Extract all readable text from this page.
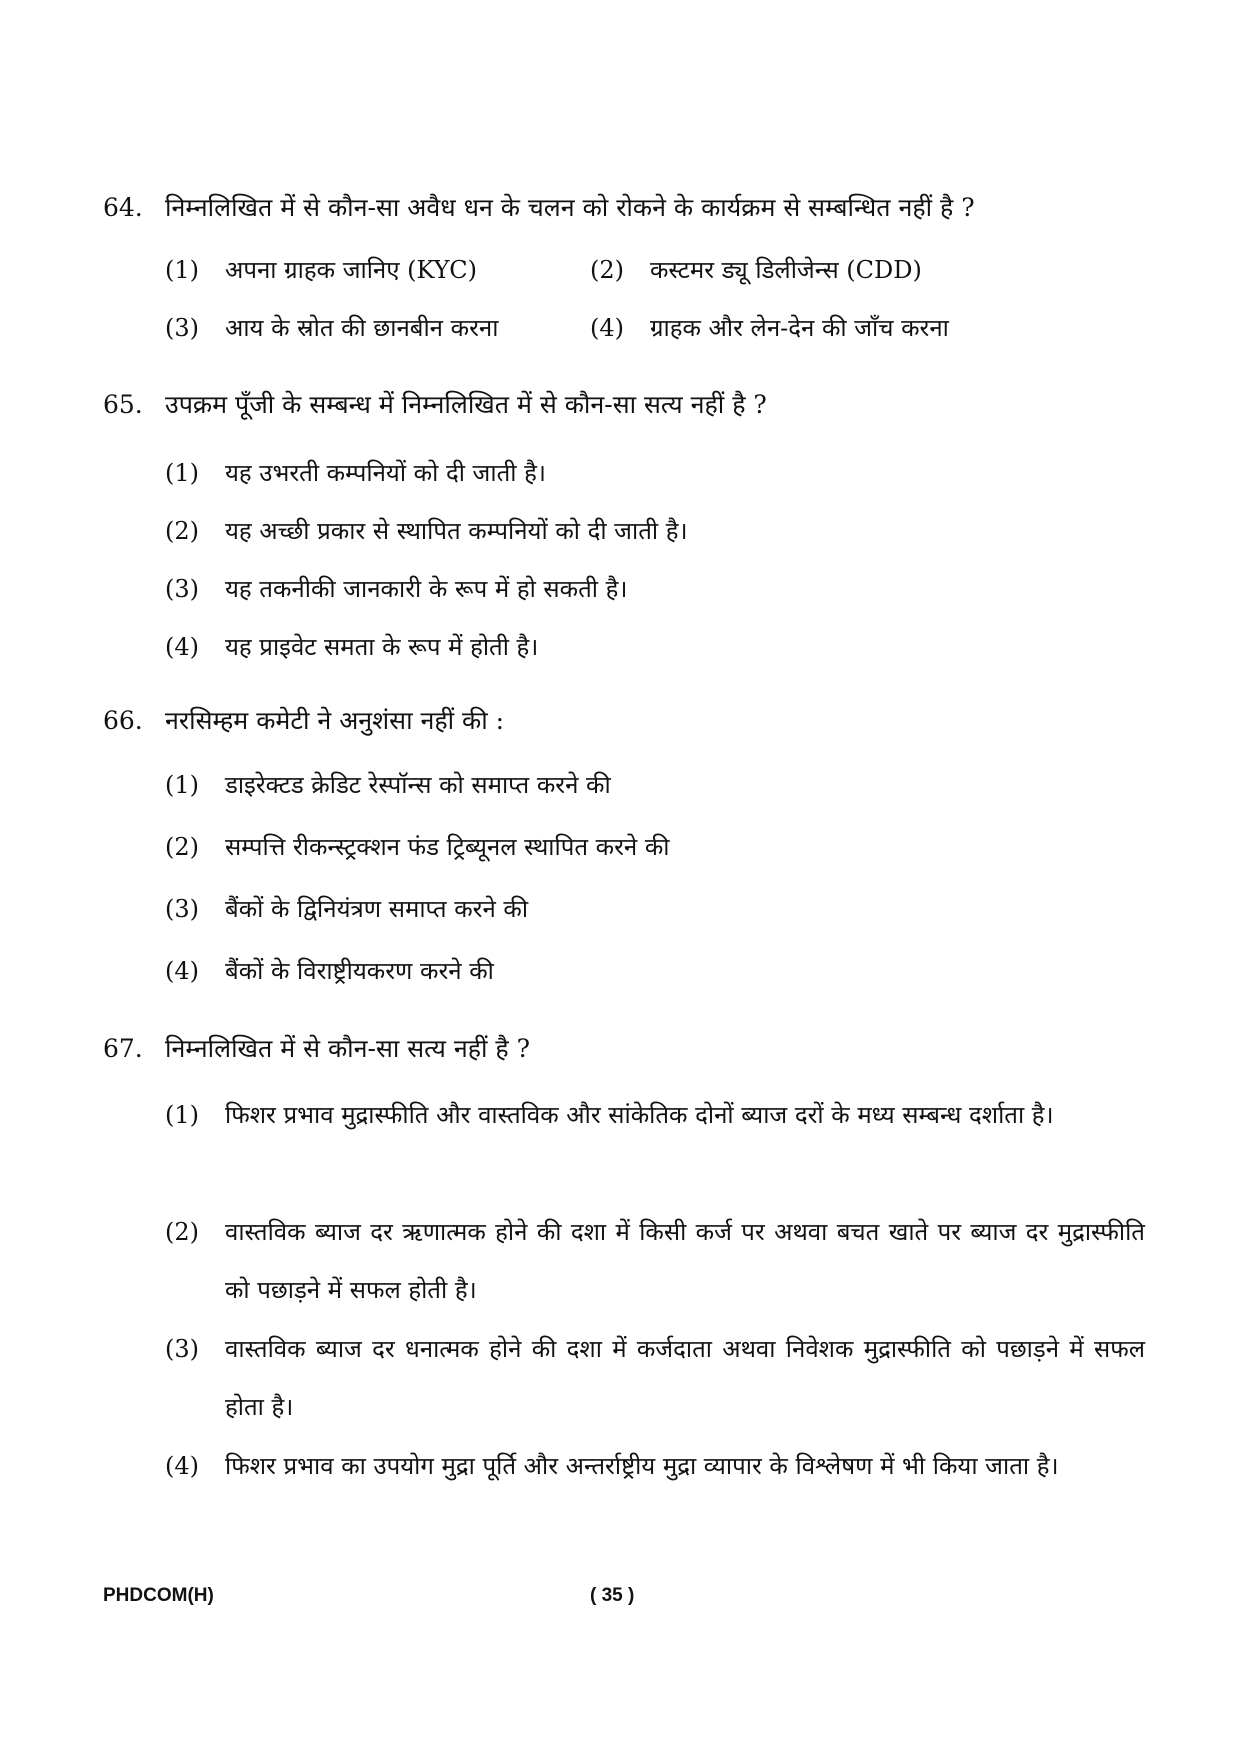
64. निम्नलिखित में से कौन-सा अवैध धन के चलन को रोकने के कार्यक्रम से सम्बन्धित नहीं है ?
(1) अपना ग्राहक जानिए (KYC)	(2) कस्टमर ड्यू डिलीजेन्स (CDD)
(3) आय के स्रोत की छानबीन करना	(4) ग्राहक और लेन-देन की जाँच करना
65. उपक्रम पूँजी के सम्बन्ध में निम्नलिखित में से कौन-सा सत्य नहीं है ?
(1) यह उभरती कम्पनियों को दी जाती है।
(2) यह अच्छी प्रकार से स्थापित कम्पनियों को दी जाती है।
(3) यह तकनीकी जानकारी के रूप में हो सकती है।
(4) यह प्राइवेट समता के रूप में होती है।
66. नरसिम्हम कमेटी ने अनुशंसा नहीं की :
(1) डाइरेक्टड क्रेडिट रेस्पॉन्स को समाप्त करने की
(2) सम्पत्ति रीकन्स्ट्रक्शन फंड ट्रिब्यूनल स्थापित करने की
(3) बैंकों के द्विनियंत्रण समाप्त करने की
(4) बैंकों के विराष्ट्रीयकरण करने की
67. निम्नलिखित में से कौन-सा सत्य नहीं है ?
(1) फिशर प्रभाव मुद्रास्फीति और वास्तविक और सांकेतिक दोनों ब्याज दरों के मध्य सम्बन्ध दर्शाता है।
(2) वास्तविक ब्याज दर ऋणात्मक होने की दशा में किसी कर्ज पर अथवा बचत खाते पर ब्याज दर मुद्रास्फीति को पछाड़ने में सफल होती है।
(3) वास्तविक ब्याज दर धनात्मक होने की दशा में कर्जदाता अथवा निवेशक मुद्रास्फीति को पछाड़ने में सफल होता है।
(4) फिशर प्रभाव का उपयोग मुद्रा पूर्ति और अन्तर्राष्ट्रीय मुद्रा व्यापार के विश्लेषण में भी किया जाता है।
PHDCOM(H)	( 35 )
